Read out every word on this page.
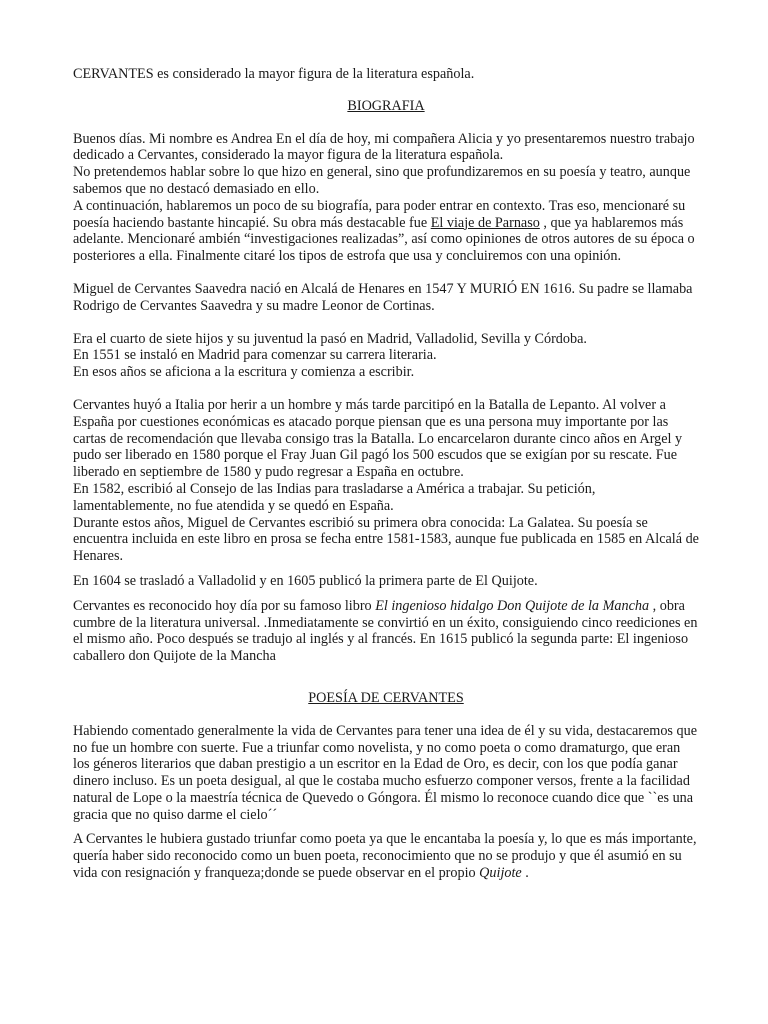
CERVANTES es considerado la mayor figura de la literatura española.

BIOGRAFIA

Buenos días. Mi nombre es Andrea En el día de hoy, mi compañera Alicia y yo presentaremos nuestro trabajo dedicado a Cervantes, considerado la mayor figura de la literatura española.

No pretendemos hablar sobre lo que hizo en general, sino que profundizaremos en su poesía y teatro, aunque sabemos que no destacó demasiado en ello.

A continuación, hablaremos un poco de su biografía, para poder entrar en contexto. Tras eso, mencionaré su poesía haciendo bastante hincapié. Su obra más destacable fue El viaje de Parnaso , que ya hablaremos más adelante. Mencionaré ambién “investigaciones realizadas”, así como opiniones de otros autores de su época o posteriores a ella. Finalmente citaré los tipos de estrofa que usa y concluiremos con una opinión.

Miguel de Cervantes Saavedra nació en Alcalá de Henares en 1547 Y MURIÓ EN 1616. Su padre se llamaba Rodrigo de Cervantes Saavedra y su madre Leonor de Cortinas.

Era el cuarto de siete hijos y su juventud la pasó en Madrid, Valladolid, Sevilla y Córdoba.

En 1551 se instaló en Madrid para comenzar su carrera literaria.

En esos años se aficiona a la escritura y comienza a escribir.

Cervantes huyó a Italia por herir a un hombre y más tarde parcitipó en la Batalla de Lepanto. Al volver a España por cuestiones económicas es atacado porque piensan que es una persona muy importante por las cartas de recomendación que llevaba consigo tras la Batalla. Lo encarcelaron durante cinco años en Argel y pudo ser liberado en 1580 porque el Fray Juan Gil pagó los 500 escudos que se exigían por su rescate. Fue liberado en septiembre de 1580 y pudo regresar a España en octubre.

En 1582, escribió al Consejo de las Indias para trasladarse a América a trabajar. Su petición, lamentablemente, no fue atendida y se quedó en España.

Durante estos años, Miguel de Cervantes escribió su primera obra conocida: La Galatea. Su poesía se encuentra incluida en este libro en prosa se fecha entre 1581-1583, aunque fue publicada en 1585 en Alcalá de Henares.

En 1604 se trasladó a Valladolid y en 1605 publicó la primera parte de El Quijote.

Cervantes es reconocido hoy día por su famoso libro El ingenioso hidalgo Don Quijote de la Mancha , obra cumbre de la literatura universal. .Inmediatamente se convirtió en un éxito, consiguiendo cinco reediciones en el mismo año. Poco después se tradujo al inglés y al francés. En 1615 publicó la segunda parte: El ingenioso caballero don Quijote de la Mancha

POESÍA DE CERVANTES

Habiendo comentado generalmente la vida de Cervantes para tener una idea de él y su vida, destacaremos que no fue un hombre con suerte. Fue a triunfar como novelista, y no como poeta o como dramaturgo, que eran los géneros literarios que daban prestigio a un escritor en la Edad de Oro, es decir, con los que podía ganar dinero incluso. Es un poeta desigual, al que le costaba mucho esfuerzo componer versos, frente a la facilidad natural de Lope o la maestría técnica de Quevedo o Góngora. Él mismo lo reconoce cuando dice que ``es una gracia que no quiso darme el cielo´´

A Cervantes le hubiera gustado triunfar como poeta ya que le encantaba la poesía y, lo que es más importante, quería haber sido reconocido como un buen poeta, reconocimiento que no se produjo y que él asumió en su vida con resignación y franqueza;donde se puede observar en el propio Quijote .
